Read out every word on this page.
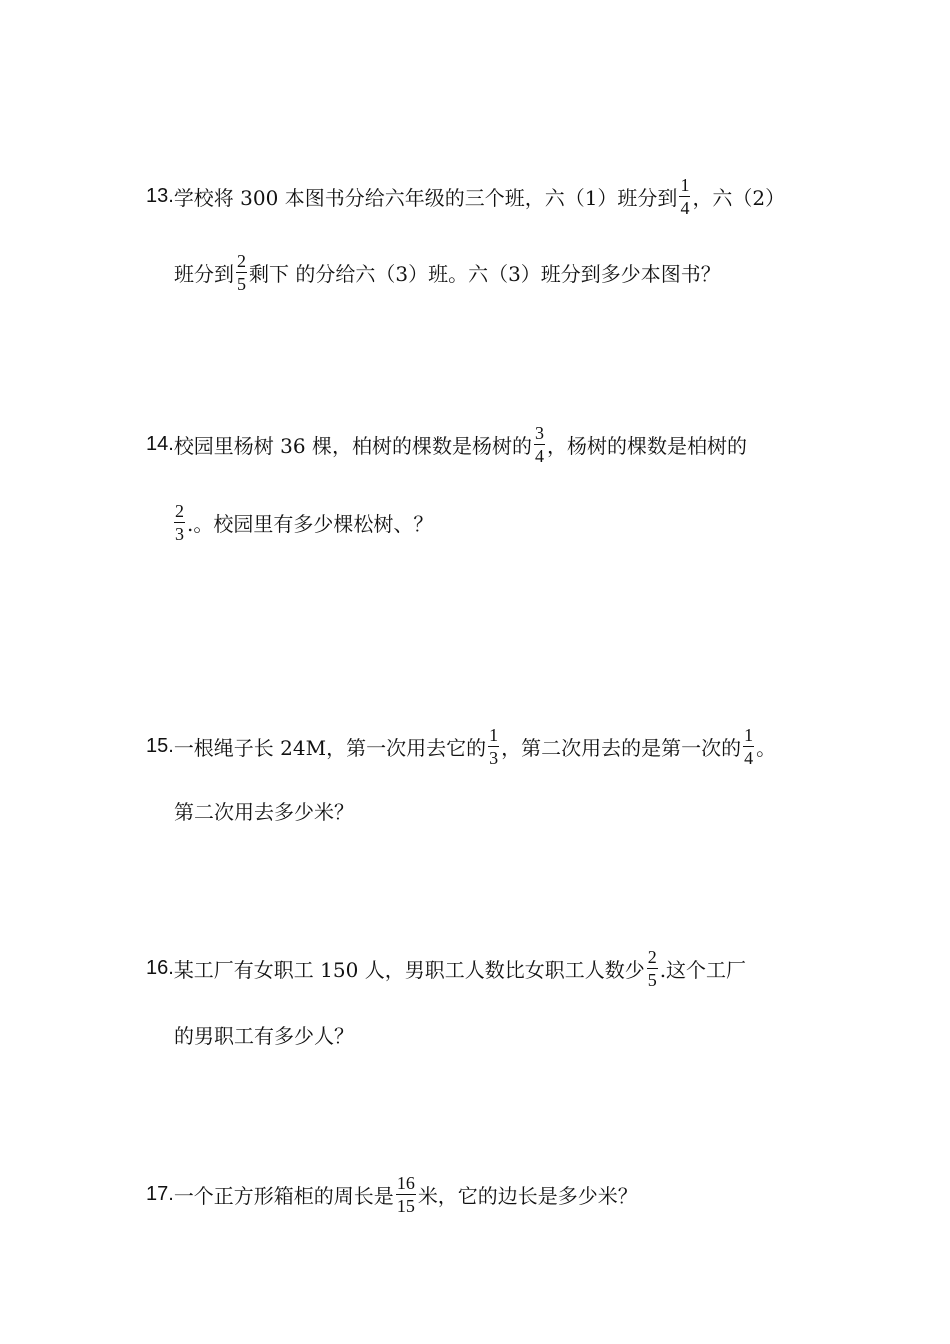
13. 学校将 300 本图书分给六年级的三个班，六（1）班分到 $\frac{1}{4}$ ，六（2）
班分到 $\frac{2}{5}$ 剩下 的分给六（3）班。六（3）班分到多少本图书？
14. 校园里杨树 36 棵，柏树的棵数是杨树的 $\frac{3}{4}$ ，杨树的棵数是柏树的
$\frac{2}{3}$ .。校园里有多少棵松树、？
15. 一根绳子长 24M，第一次用去它的 $\frac{1}{3}$ ，第二次用去的是第一次的 $\frac{1}{4}$ 。
第二次用去多少米？
16. 某工厂有女职工 150 人，男职工人数比女职工人数少 $\frac{2}{5}$ .这个工厂
的男职工有多少人？
17. 一个正方形箱柜的周长是 $\frac{16}{15}$ 米，它的边长是多少米？
